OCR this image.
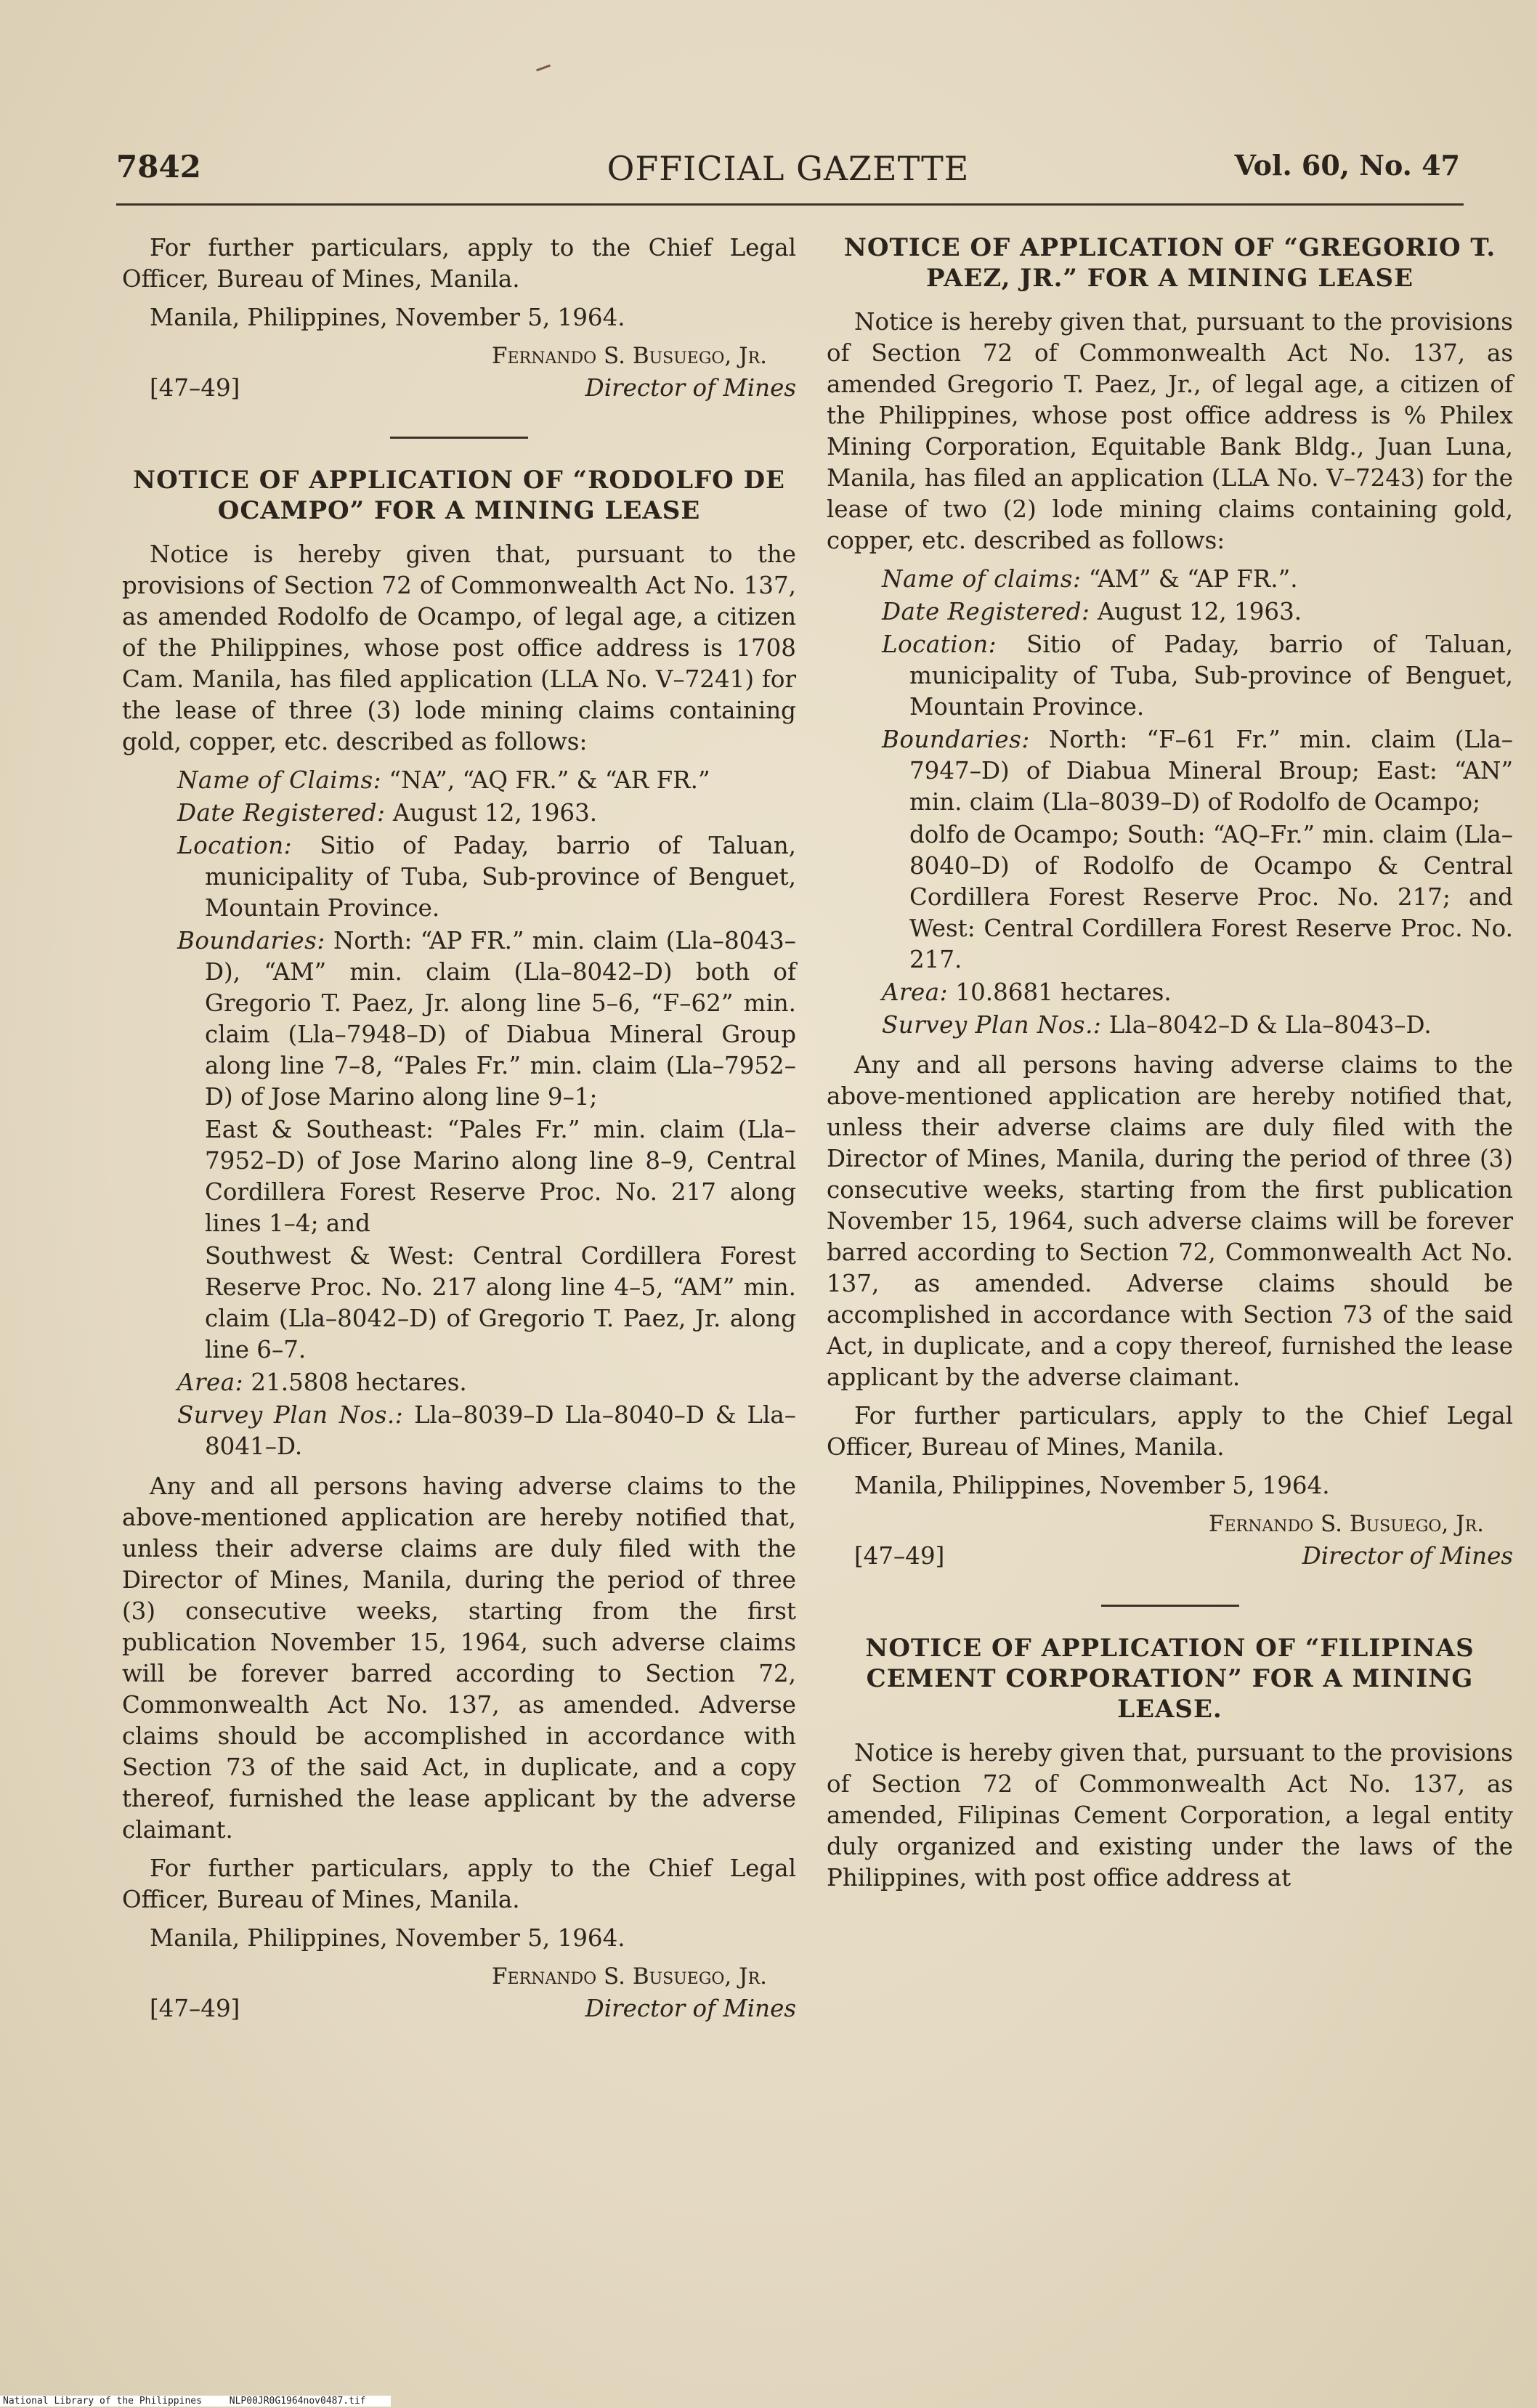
7842	OFFICIAL GAZETTE	Vol. 60, No. 47

For further particulars, apply to the Chief Legal Officer, Bureau of Mines, Manila.

Manila, Philippines, November 5, 1964.

Fernando S. Busuego, Jr.
[47–49]	Director of Mines
NOTICE OF APPLICATION OF “RODOLFO DE OCAMPO” FOR A MINING LEASE

Notice is hereby given that, pursuant to the provisions of Section 72 of Commonwealth Act No. 137, as amended Rodolfo de Ocampo, of legal age, a citizen of the Philippines, whose post office address is 1708 Cam. Manila, has filed application (LLA No. V–7241) for the lease of three (3) lode mining claims containing gold, copper, etc. described as follows:

Name of Claims: “NA”, “AQ FR.” & “AR FR.”

Date Registered: August 12, 1963.

Location: Sitio of Paday, barrio of Taluan, municipality of Tuba, Sub-province of Benguet, Mountain Province.

Boundaries: North: “AP FR.” min. claim (Lla–8043–D), “AM” min. claim (Lla–8042–D) both of Gregorio T. Paez, Jr. along line 5–6, “F–62” min. claim (Lla–7948–D) of Diabua Mineral Group along line 7–8, “Pales Fr.” min. claim (Lla–7952–D) of Jose Marino along line 9–1;

East & Southeast: “Pales Fr.” min. claim (Lla–7952–D) of Jose Marino along line 8–9, Central Cordillera Forest Reserve Proc. No. 217 along lines 1–4; and

Southwest & West: Central Cordillera Forest Reserve Proc. No. 217 along line 4–5, “AM” min. claim (Lla–8042–D) of Gregorio T. Paez, Jr. along line 6–7.

Area: 21.5808 hectares.

Survey Plan Nos.: Lla–8039–D Lla–8040–D & Lla–8041–D.

Any and all persons having adverse claims to the above-mentioned application are hereby notified that, unless their adverse claims are duly filed with the Director of Mines, Manila, during the period of three (3) consecutive weeks, starting from the first publication November 15, 1964, such adverse claims will be forever barred according to Section 72, Commonwealth Act No. 137, as amended. Adverse claims should be accomplished in accordance with Section 73 of the said Act, in duplicate, and a copy thereof, furnished the lease applicant by the adverse claimant.

For further particulars, apply to the Chief Legal Officer, Bureau of Mines, Manila.

Manila, Philippines, November 5, 1964.

Fernando S. Busuego, Jr.
[47–49]	Director of Mines
NOTICE OF APPLICATION OF “GREGORIO T. PAEZ, JR.” FOR A MINING LEASE

Notice is hereby given that, pursuant to the provisions of Section 72 of Commonwealth Act No. 137, as amended Gregorio T. Paez, Jr., of legal age, a citizen of the Philippines, whose post office address is % Philex Mining Corporation, Equitable Bank Bldg., Juan Luna, Manila, has filed an application (LLA No. V–7243) for the lease of two (2) lode mining claims containing gold, copper, etc. described as follows:

Name of claims: “AM” & “AP FR.”.

Date Registered: August 12, 1963.

Location: Sitio of Paday, barrio of Taluan, municipality of Tuba, Sub-province of Benguet, Mountain Province.

Boundaries: North: “F–61 Fr.” min. claim (Lla–7947–D) of Diabua Mineral Broup; East: “AN” min. claim (Lla–8039–D) of Rodolfo de Ocampo;

dolfo de Ocampo; South: “AQ–Fr.” min. claim (Lla–8040–D) of Rodolfo de Ocampo & Central Cordillera Forest Reserve Proc. No. 217; and West: Central Cordillera Forest Reserve Proc. No. 217.

Area: 10.8681 hectares.

Survey Plan Nos.: Lla–8042–D & Lla–8043–D.

Any and all persons having adverse claims to the above-mentioned application are hereby notified that, unless their adverse claims are duly filed with the Director of Mines, Manila, during the period of three (3) consecutive weeks, starting from the first publication November 15, 1964, such adverse claims will be forever barred according to Section 72, Commonwealth Act No. 137, as amended. Adverse claims should be accomplished in accordance with Section 73 of the said Act, in duplicate, and a copy thereof, furnished the lease applicant by the adverse claimant.

For further particulars, apply to the Chief Legal Officer, Bureau of Mines, Manila.

Manila, Philippines, November 5, 1964.

Fernando S. Busuego, Jr.
[47–49]	Director of Mines
NOTICE OF APPLICATION OF “FILIPINAS CEMENT CORPORATION” FOR A MINING LEASE.

Notice is hereby given that, pursuant to the provisions of Section 72 of Commonwealth Act No. 137, as amended, Filipinas Cement Corporation, a legal entity duly organized and existing under the laws of the Philippines, with post office address at

National Library of the Philippines	NLP00JR0G1964nov0487.tif
